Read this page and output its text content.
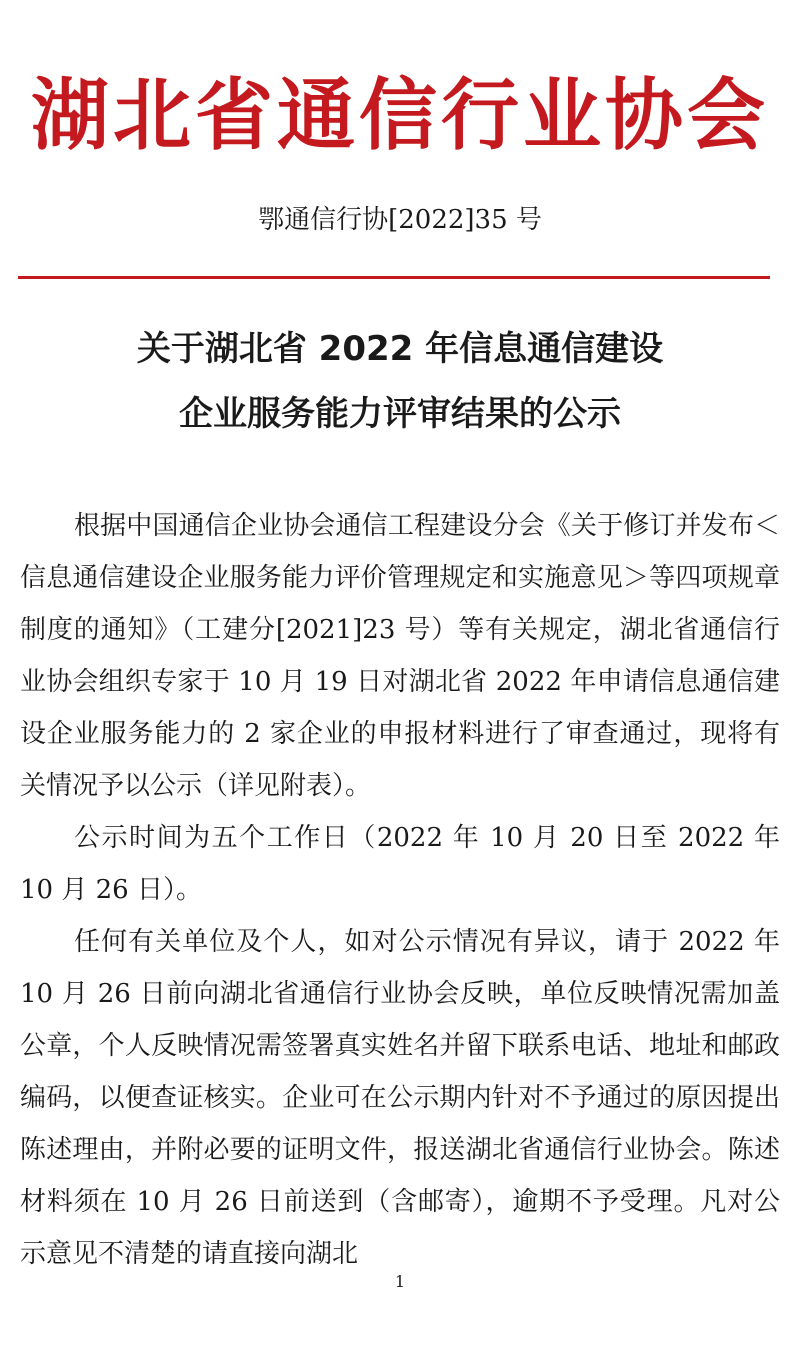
湖北省通信行业协会
鄂通信行协[2022]35 号
关于湖北省 2022 年信息通信建设
企业服务能力评审结果的公示

根据中国通信企业协会通信工程建设分会《关于修订并发布＜信息通信建设企业服务能力评价管理规定和实施意见＞等四项规章制度的通知》（工建分[2021]23 号）等有关规定，湖北省通信行业协会组织专家于 10 月 19 日对湖北省 2022 年申请信息通信建设企业服务能力的 2 家企业的申报材料进行了审查通过，现将有关情况予以公示（详见附表）。

公示时间为五个工作日（2022 年 10 月 20 日至 2022 年 10 月 26 日）。

任何有关单位及个人，如对公示情况有异议，请于 2022 年 10 月 26 日前向湖北省通信行业协会反映，单位反映情况需加盖公章，个人反映情况需签署真实姓名并留下联系电话、地址和邮政编码，以便查证核实。企业可在公示期内针对不予通过的原因提出陈述理由，并附必要的证明文件，报送湖北省通信行业协会。陈述材料须在 10 月 26 日前送到（含邮寄），逾期不予受理。凡对公示意见不清楚的请直接向湖北

1
